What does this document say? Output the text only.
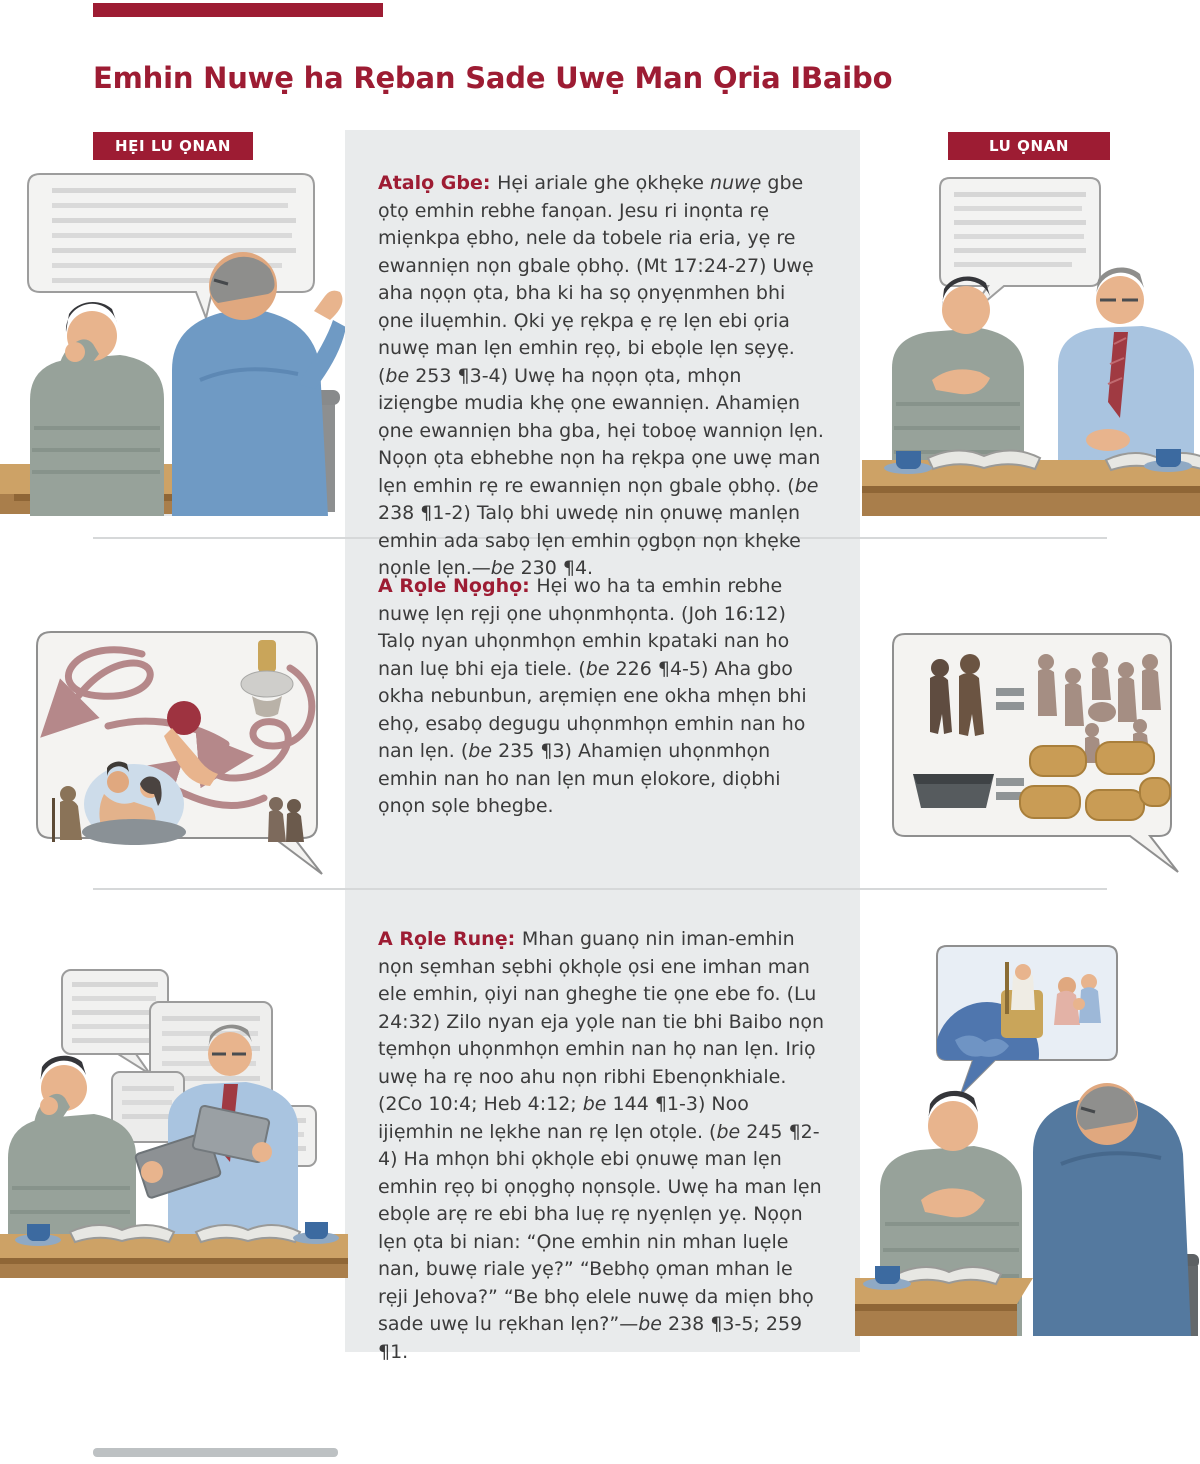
Emhin Nuwẹ ha Rẹban Sade Uwẹ Man Ọria IBaibo
HẸI LU ỌNAN	LU ỌNAN

Atalọ Gbe: Hẹi ariale ghe ọkhẹke nuwẹ gbe ọtọ emhin rebhe fanọan. Jesu ri inọnta rẹ miẹnkpa ẹbho, nele da tobele ria eria, yẹ re ewanniẹn nọn gbale ọbhọ. (Mt 17:24-27) Uwẹ aha nọọn ọta, bha ki ha sọ ọnyẹnmhen bhi ọne iluẹmhin. Ọki yẹ rẹkpa ẹ rẹ lẹn ebi ọria nuwẹ man lẹn emhin rẹọ, bi ebọle lẹn sẹyẹ. (be 253 ¶3-4) Uwẹ ha nọọn ọta, mhọn iziẹngbe mudia khẹ ọne ewanniẹn. Ahamiẹn ọne ewanniẹn bha gba, hẹi toboẹ wanniọn lẹn. Nọọn ọta ebhebhe nọn ha rẹkpa ọne uwẹ man lẹn emhin rẹ re ewanniẹn nọn gbale ọbhọ. (be 238 ¶1-2) Talọ bhi uwedẹ nin ọnuwẹ manlẹn emhin ada sabọ lẹn emhin ọgbọn nọn khẹke nọnle lẹn.—be 230 ¶4.

A Rọle Nọghọ: Hẹi wo ha ta emhin rebhe nuwẹ lẹn rẹji ọne uhọnmhọnta. (Joh 16:12) Talọ nyan uhọnmhọn emhin kpataki nan ho nan luẹ bhi eja tiele. (be 226 ¶4-5) Aha gbo okha nebunbun, arẹmiẹn ene okha mhẹn bhi ehọ, esabọ degugu uhọnmhọn emhin nan ho nan lẹn. (be 235 ¶3) Ahamiẹn uhọnmhọn emhin nan ho nan lẹn mun ẹlokore, diọbhi ọnọn sọle bhegbe.

A Rọle Runẹ: Mhan guanọ nin iman-emhin nọn sẹmhan sẹbhi ọkhọle ọsi ene imhan man ele emhin, ọiyi nan gheghe tie ọne ebe fo. (Lu 24:32) Zilo nyan eja yọle nan tie bhi Baibo nọn tẹmhọn uhọnmhọn emhin nan họ nan lẹn. Iriọ uwẹ ha rẹ noo ahu nọn ribhi Ebenọnkhiale. (2Co 10:4; Heb 4:12; be 144 ¶1-3) Noo ijiẹmhin ne lẹkhe nan rẹ lẹn otọle. (be 245 ¶2-4) Ha mhọn bhi ọkhọle ebi ọnuwẹ man lẹn emhin rẹọ bi ọnọghọ nọnsọle. Uwẹ ha man lẹn ebọle arẹ re ebi bha luẹ rẹ nyẹnlẹn yẹ. Nọọn lẹn ọta bi nian: “Ọne emhin nin mhan luẹle nan, buwẹ riale yẹ?” “Bebhọ ọman mhan le rẹji Jehova?” “Be bhọ elele nuwẹ da miẹn bhọ sade uwẹ lu rẹkhan lẹn?”—be 238 ¶3-5; 259 ¶1.
